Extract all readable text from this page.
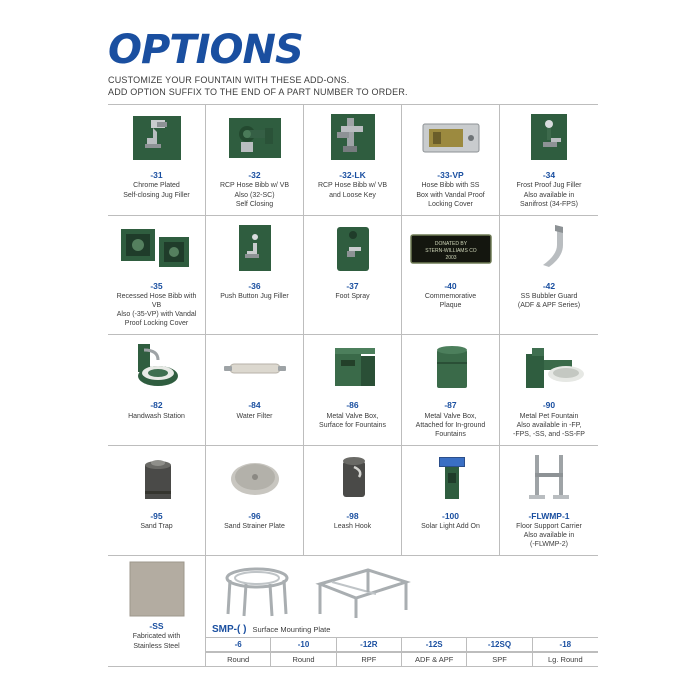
OPTIONS

CUSTOMIZE YOUR FOUNTAIN WITH THESE ADD-ONS.

ADD OPTION SUFFIX TO THE END OF A PART NUMBER TO ORDER.

-31
Chrome Plated
Self-closing Jug Filler
-32
RCP Hose Bibb w/ VB
Also (32-SC)
Self Closing
-32-LK
RCP Hose Bibb w/ VB
and Loose Key
-33-VP
Hose Bibb with SS
Box with Vandal Proof
Locking Cover
-34
Frost Proof Jug Filler
Also available in
Sanifrost (34-FPS)
-35
Recessed Hose Bibb with VB
Also (-35-VP) with Vandal
Proof Locking Cover
-36
Push Button Jug Filler
-37
Foot Spray
DONATED BY
STERN-WILLIAMS CO
2003
-40
Commemorative
Plaque
-42
SS Bubbler Guard
(ADF & APF Series)
-82
Handwash Station
-84
Water Filter
-86
Metal Valve Box,
Surface for Fountains
-87
Metal Valve Box,
Attached for In-ground
Fountains
-90
Metal Pet Fountain
Also available in -FP,
-FPS, -SS, and -SS-FP
-95
Sand Trap
-96
Sand Strainer Plate
-98
Leash Hook
-100
Solar Light Add On
-FLWMP-1
Floor Support Carrier
Also available in
(-FLWMP-2)
-SS
Fabricated with
Stainless Steel
SMP-( ) Surface Mounting Plate
-6	-10	-12R	-12S	-12SQ	-18
Round	Round	RPF	ADF & APF	SPF	Lg. Round
